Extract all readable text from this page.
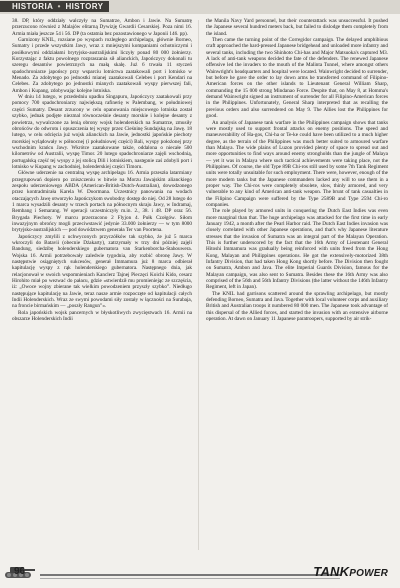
HISTORIA • HISTORY

38. DP, który oddziały walczyły na Sumatrze, Ambon i Jawie. Na Sumatrę przerzucono również z Malajów elitarną Dywizję Gwardii Cesarskiej. Poza nimi 16. Armia miała jeszcze 54 i 56. DP (ta ostatnia bez pozostawionego w Japonii 146. pp).

Garnizony KNIL, rozsiane po wyspach rozległego archipelagu, głównie Borneo, Sumatry i przede wszystkim Jawy, wraz z mniejszymi kompaniami ochotniczymi i posiłkowymi oddziałami brytyjsko-australijskimi liczyły ponad 80 000 żołnierzy. Korzystając z faktu powolnego rozpraszania sił alianckich, Japończycy dokonali tu szeregu desantów powietrznych na małą skalę. Już 6 trwała 11 styczeń spadochroniarze japońscy przy wsparciu lotnictwa zaatakowali port i lotnisko w Menado. Za zdobytego po jednostki mianej zaatakowali Celebes i port Kendari na Celebes. Za zdobytego po jednostki mianych zaatakowali wyspy pierwszej fali, Ambon i Kupang, zdobywając kolejne lotniska.

W dniu 14 lutego, w przededniu upadku Singapuru, Japończycy zaatakowali przy pomocy 700 spadochroniarzy największą rafinerię w Palembang, w południowej części Sumatry. Desant zrzucony w celu opanowania miejscowego lotniska został szybko, jednak podjęte niezmal równocześnie desanty morskie i kolejne desanty z powietrza, wywalczone za lenią obrony wojsk holenderskich na Sumatrze, zmusiły obrońców do odwrotu i opuszczenia tej wyspy przez Cieśninę Sundajską na Jawę. 18 lutego, w celu odcięcia już wojsk alianckich na Jawie, jednostki japońskie piechoty morskiej wylądowały w północnej (i południowej części) Bali, wyspy położonej przy wschodnim krańcu Jawy. Wkrótce zaatakowane także, oddalona o niecałe 500 kilometrów od Australii, wyspę Timor. 20 lutego spadochroniarze zajęli wschodnią, portugalską część tej wyspy z jej stolicą Dili i lotniskiem, następnie zaś zdobyli port i lotnisko w Kupang w zachodniej, holenderskiej części Timoru.

Główne uderzenie na centralną wyspę archipelagu 16. Armia przeszła latarmiany przegrupowań dopiero po zniszczeniu w bitwie na Morzu Jawajskim alianckiego zespołu uderzeniowego ABDA (American-British-Dutch-Australian), dowodzonego przez kontradmirała Karela W. Doormana. Uczestnicy panowania na wodach otaczających Jawę otworzyło Japończykom swobodny dostęp do niej. Od 28 lutego do 1 marca wysadzili desanty w trzech portach na północnym skraju Jawy, w Indramaj, Rembang i Semarang. W operacji uczestniczyły m.in. 2., 38. i 48. DP oraz 56. Brygada Piechoty. W marcu przerzucono 2 Flyjon 4. Pułk Czołgów. Siłom inwazyjnym obrońcy mogli przeciwstawić jedynie 33.000 żołnierzy — w tym 8000 brytyjsko-australijskich — pod dowództwem generała Ter van Poortena.

Japończycy zmylili z uchwyconych przyczółków tak szybko, że już 5 marca wkroczyli do Batavii (obecnie Dżakarty), zatrzymały w trzy dni później zajęli Bandung, siedzibę holenderskiego gubernatora van Starkenborcha-Stahouwera. Wojska 16. Armii potrzebowały zaledwie tygodnia, aby rozbić obronę Jawy. W następstwie osiągniętych sukcesów, generał Immamura już 8 marca odbierał kapitulację wyspy z rąk holenderskiego gubernatora. Następnego dnia, jak relacjonował w swoich wspomnieniach Kanclerz Tajnej Pieczęci Koichi Kido, cesarz Hirohito miał po wezwać do pałacu, gdzie «stwierdził mu promieniejąc ze szczęścia, iż: „Owoce wojny zbierane tak wielkim powodzeniem przyszły szybko”. Niedługo następujące kapitulację na Jawie, teraz nasze armie rozpoczęte od kapitulacji całych Indii Holenderskich. Wraz ze swymi powodami siły zostały w łączności na Surabaja, na froncie birmańskim — „poszły Rangun”».

Rola japońskich wojsk pancernych w błyskotliwych zwycięstwach 16. Armii na obszarze Holenderskich Indii

the Manila Navy Yard personnel, but their counterattack was unsuccessful. It pushed the Japanese several hundred meters back, but failed to dislodge them completely from the island.

Then came the turning point of the Corregidor campaign. The delayed amphibious craft approached the hard-pressed Japanese bridgehead and unloaded more infantry and several tanks, including the two Shinhoto Chi-has and Major Matsuoka's captured M3. A lack of anti-tank weapons decided the fate of the defenders. The renewed Japanese offensive led the invaders to the mouth of the Malinta Tunnel, where amongst others Wainwright's headquarters and hospital were located. Wainwright decided to surrender, but before he gave the order to lay down arms he transferred command of Filipino-American forces on the other islands to Lieutenant General William Sharp, commanding the 15 000 strong Mindanao Force. Despite that, on May 8, at Homma's demand Wainwright signed an instrument of surrender for all Filipino-American forces in the Philippines. Unfortunately, General Sharp interpreted that as recalling the previous orders and also surrendered on May 9. The Allies lost the Philippines for good.

An analysis of Japanese tank warfare in the Philippines campaign shows that tanks were mostly used to support frontal attacks on enemy positions. The speed and maneuverability of Ha-gos, Chi-ha or Te-ke could have been utilized to a much higher degree, as the terrain of the Philippines was much better suited to armoured warfare than Malaya. The wide plains of Luzon provided plenty of space to spread out and more opportunities to find ways around enemy strongholds than the jungle of Malaya — yet it was in Malaya where such tactical achievements were taking place, not the Philippines. Of course, the old Type 89B Chi-ros still used by some 7th Tank Regiment units were totally unsuitable for such employment. There were, however, enough of the more modern tanks but the Japanese commanders lacked any will to use them in a proper way. The Chi-ros were completely obsolete, slow, thinly armored, and very vulnerable to any kind of American anti-tank weapon. The brunt of tank casualties in the Filipino Campaign were suffered by the Type 2589B and Type 2594 Chi-ro companies.

The role played by armored units in conquering the Dutch East Indies was even more marginal than that. The huge archipelago was attacked for the first time in early January 1942, a month after the Pearl Harbor raid. The Dutch East Indies invasion was closely correlated with other Japanese operations, and that's why Japanese literature stresses that the invasion of Sumatra was an integral part of the Malayan Operation. This is further underscored by the fact that the 16th Army of Lieutenant General Hitoshi Immamura was gradually being reinforced with units freed from the Hong Kong, Malayan and Philippines operations. He got the extensively-motorized 38th Infantry Division, that had taken Hong Kong shortly before. The Division then fought on Sumatra, Ambon and Java. The elite Imperial Guards Division, famous for the Malayan campaign, was also sent to Sumatra. Besides these the 16th Army was also comprised of the 56th and 56th Infantry Divisions (the latter without the 146th Infantry Regiment, left in Japan).

The KNIL had garrisons scattered around the sprawling archipelago, but mostly defending Borneo, Sumatra and Java. Together with local volunteer corps and auxiliary British and Australian troops it numbered 80 000 men. The Japanese took advantage of this dispersal of the Allied forces, and started the invasion with an extensive airborne operation. At dawn on January 11 Japanese paratroopers, supported by air strik-

96	TANKPOWER
